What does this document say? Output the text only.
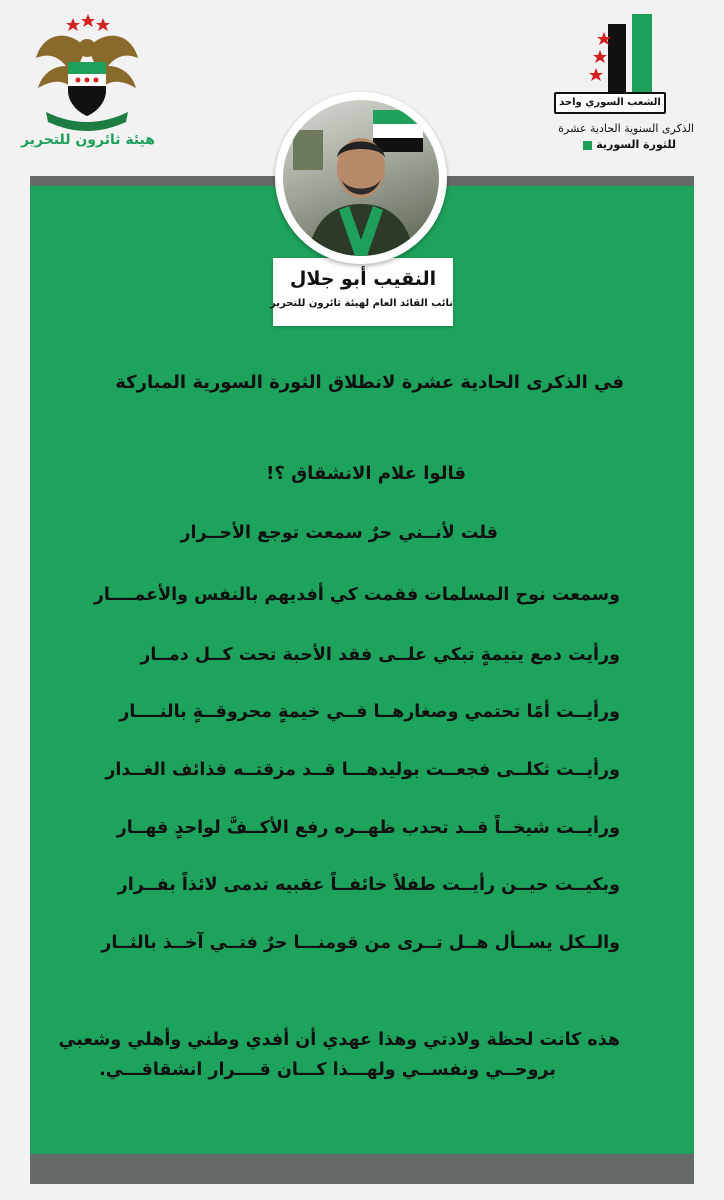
هيئة ثائرون للتحرير
الشعب السوري واحد
الذكرى السنوية الحادية عشرة
للثورة السورية
النقيب أبو جلال
نائب القائد العام لهيئة ثائرون للتحرير
في الذكرى الحادية عشرة لانطلاق الثورة السورية المباركة
قالوا علام الانشقاق ؟!
قلت لأنــني حرٌ سمعت توجع الأحــرار
وسمعت نوح المسلمات فقمت كي أفديهم بالنفس والأعمــــار
ورأيت دمع يتيمةٍ تبكي علــى فقد الأحبة تحت كــل دمــار
ورأيــت أمًا تحتمي وصغارهــا فــي خيمةٍ محروقــةٍ بالنــــار
ورأيــت ثكلــى فجعــت بوليدهـــا قــد مزقتــه قذائف الغــدار
ورأيــت شيخــاً قــد تحدب ظهــره رفع الأكــفَّ لواحدٍ قهــار
وبكيــت حيــن رأيــت طفلاً خائفــاً عقبيه تدمى لائذاً بفــرار
والــكل يســأل هــل تــرى من قومنـــا حرٌ فتــي آخــذ بالثــار
هذه كانت لحظة ولادتي وهذا عهدي أن أفدي وطني وأهلي وشعبي
بروحــي ونفســي ولهـــذا كـــان قــــرار انشقاقـــي.
